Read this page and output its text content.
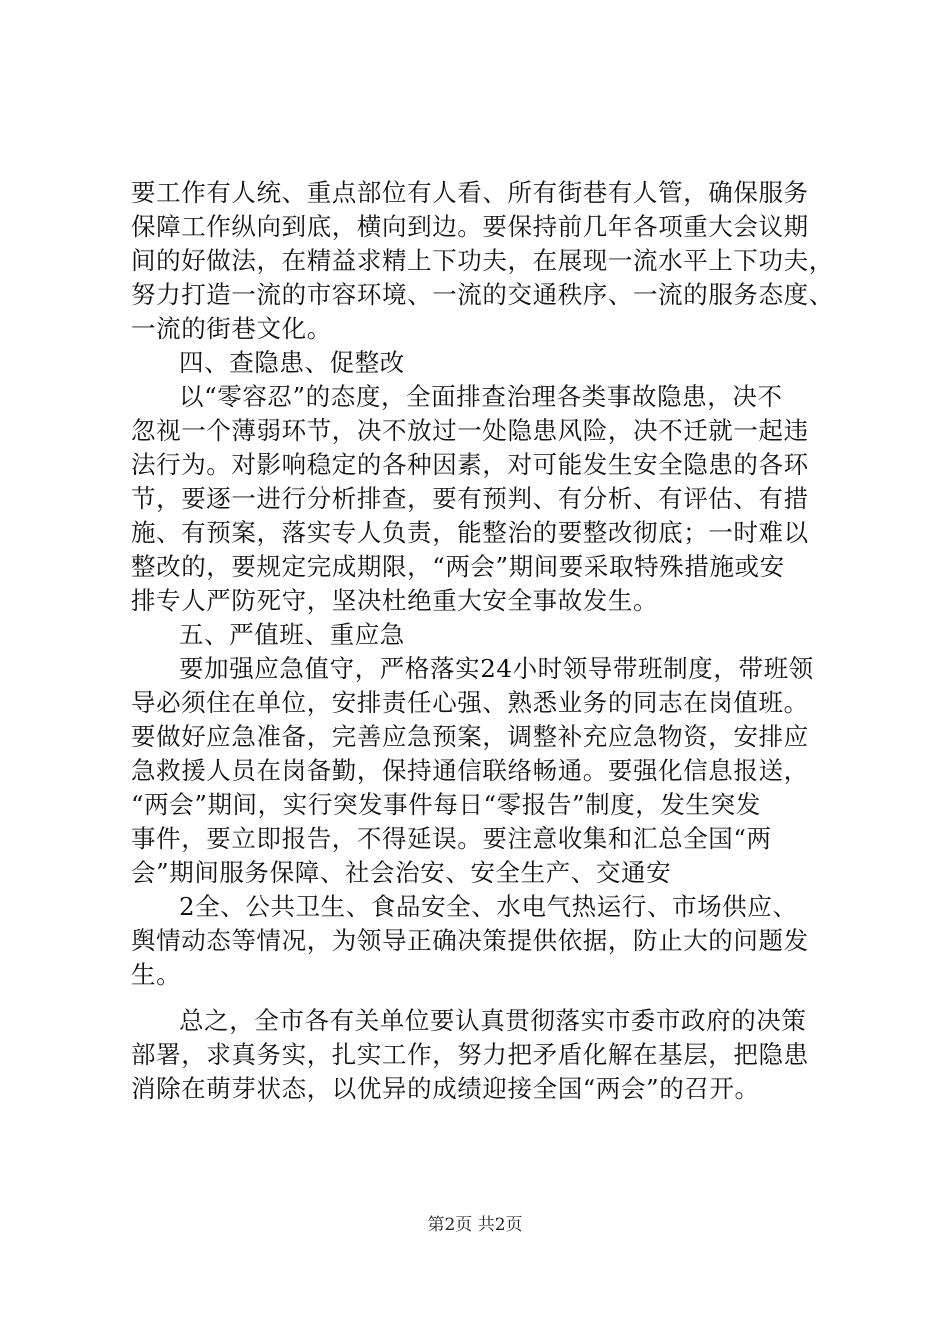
要工作有人统、重点部位有人看、所有街巷有人管，确保服务
保障工作纵向到底，横向到边。要保持前几年各项重大会议期
间的好做法，在精益求精上下功夫，在展现一流水平上下功夫，
努力打造一流的市容环境、一流的交通秩序、一流的服务态度、
一流的街巷文化。
四、查隐患、促整改
以“零容忍”的态度，全面排查治理各类事故隐患，决不
忽视一个薄弱环节，决不放过一处隐患风险，决不迁就一起违
法行为。对影响稳定的各种因素，对可能发生安全隐患的各环
节，要逐一进行分析排查，要有预判、有分析、有评估、有措
施、有预案，落实专人负责，能整治的要整改彻底；一时难以
整改的，要规定完成期限，“两会”期间要采取特殊措施或安
排专人严防死守，坚决杜绝重大安全事故发生。
五、严值班、重应急
要加强应急值守，严格落实24小时领导带班制度，带班领
导必须住在单位，安排责任心强、熟悉业务的同志在岗值班。
要做好应急准备，完善应急预案，调整补充应急物资，安排应
急救援人员在岗备勤，保持通信联络畅通。要强化信息报送，
“两会”期间，实行突发事件每日“零报告”制度，发生突发
事件，要立即报告，不得延误。要注意收集和汇总全国“两
会”期间服务保障、社会治安、安全生产、交通安
2全、公共卫生、食品安全、水电气热运行、市场供应、
舆情动态等情况，为领导正确决策提供依据，防止大的问题发
生。
总之，全市各有关单位要认真贯彻落实市委市政府的决策
部署，求真务实，扎实工作，努力把矛盾化解在基层，把隐患
消除在萌芽状态，以优异的成绩迎接全国“两会”的召开。
第2页 共2页
